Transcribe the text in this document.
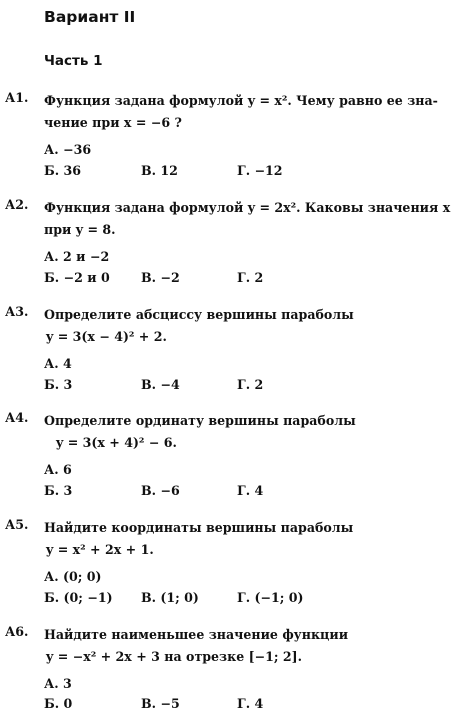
Вариант II
Часть 1
А1. Функция задана формулой y = x². Чему равно ее зна-
чение при x = −6 ?
А. −36
Б. 36	В. 12	Г. −12
А2. Функция задана формулой y = 2x². Каковы значения x
при y = 8.
А. 2 и −2
Б. −2 и 0 В. −2	Г. 2
А3. Определите абсциссу вершины параболы
y = 3(x − 4)² + 2.
А. 4
Б. 3	В. −4	Г. 2
А4. Определите ординату вершины параболы
y = 3(x + 4)² − 6.
А. 6
Б. 3	В. −6	Г. 4
А5. Найдите координаты вершины параболы
y = x² + 2x + 1.
А. (0; 0)
Б. (0; −1) В. (1; 0)	Г. (−1; 0)
А6. Найдите наименьшее значение функции
y = −x² + 2x + 3 на отрезке [−1; 2].
А. 3
Б. 0	В. −5	Г. 4
